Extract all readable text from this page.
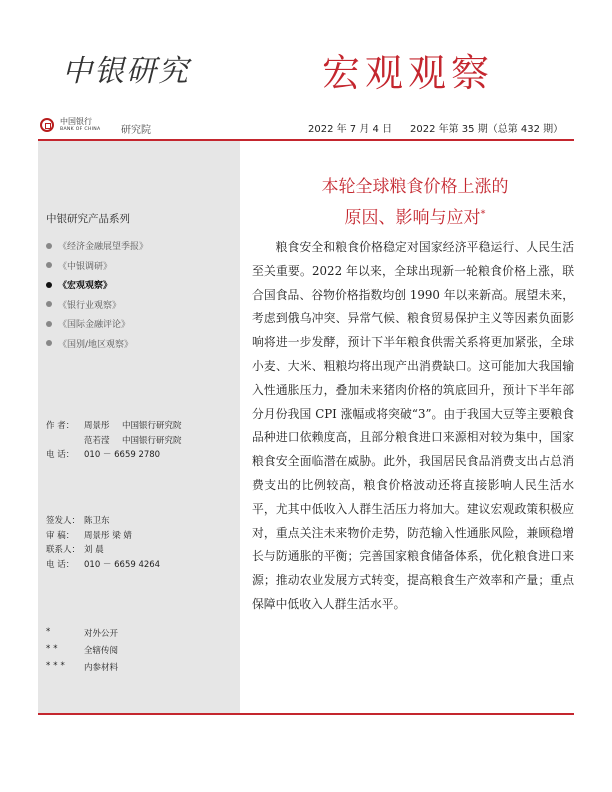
中银研究	宏观观察
中国银行
BANK OF CHINA 研究院	2022 年 7 月 4 日 2022 年第 35 期（总第 432 期）
中银研究产品系列
《经济金融展望季报》
《中银调研》
《宏观观察》
《银行业观察》
《国际金融评论》
《国别/地区观察》
作 者：	周景彤 中国银行研究院
范若滢 中国银行研究院
电 话：	010 － 6659 2780
签发人： 陈卫东
审 稿：	周景彤 梁 婧
联系人： 刘 晨
电 话：	010 － 6659 4264
*	对外公开
**	全辖传阅
***	内参材料
本轮全球粮食价格上涨的
原因、影响与应对*

粮食安全和粮食价格稳定对国家经济平稳运行、人民生活至关重要。2022 年以来，全球出现新一轮粮食价格上涨，联合国食品、谷物价格指数均创 1990 年以来新高。展望未来，考虑到俄乌冲突、异常气候、粮食贸易保护主义等因素负面影响将进一步发酵，预计下半年粮食供需关系将更加紧张，全球小麦、大米、粗粮均将出现产出消费缺口。这可能加大我国输入性通胀压力，叠加未来猪肉价格的筑底回升，预计下半年部分月份我国 CPI 涨幅或将突破“3”。由于我国大豆等主要粮食品种进口依赖度高，且部分粮食进口来源相对较为集中，国家粮食安全面临潜在威胁。此外，我国居民食品消费支出占总消费支出的比例较高，粮食价格波动还将直接影响人民生活水平，尤其中低收入人群生活压力将加大。建议宏观政策积极应对，重点关注未来物价走势，防范输入性通胀风险，兼顾稳增长与防通胀的平衡；完善国家粮食储备体系，优化粮食进口来源；推动农业发展方式转变，提高粮食生产效率和产量；重点保障中低收入人群生活水平。
